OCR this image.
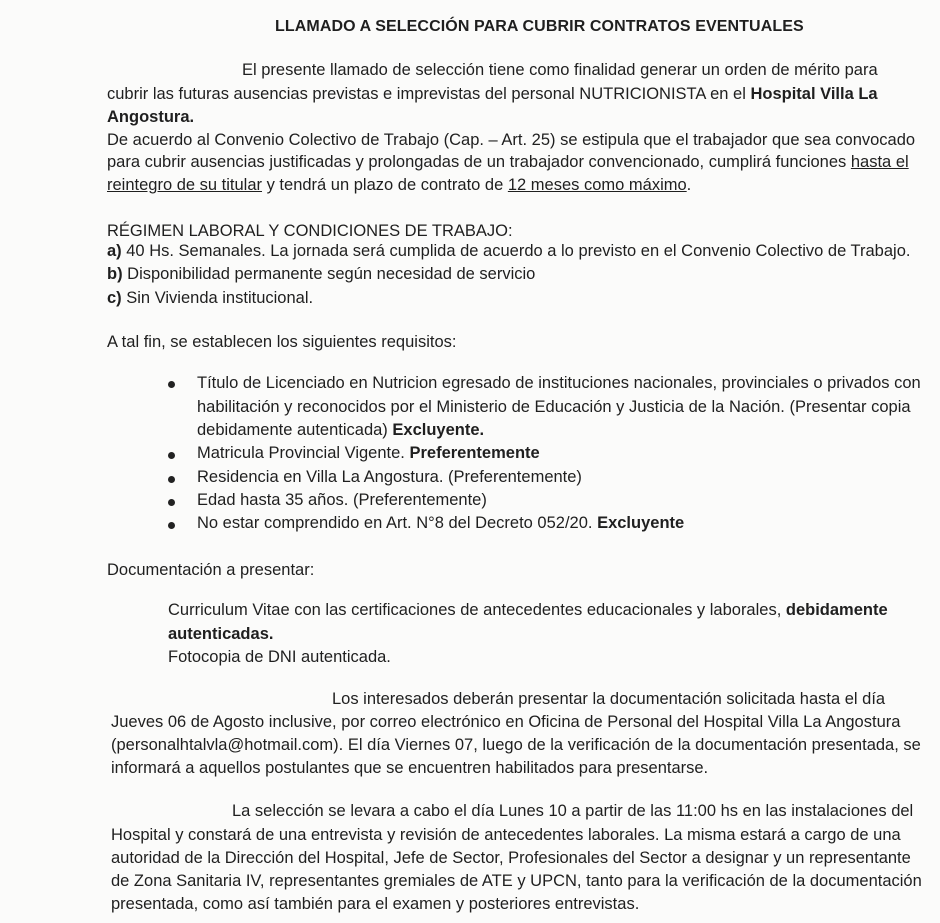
LLAMADO A SELECCIÓN PARA CUBRIR CONTRATOS EVENTUALES
El presente llamado de selección tiene como finalidad generar un orden de mérito para
cubrir las futuras ausencias previstas e imprevistas del personal NUTRICIONISTA en el Hospital Villa La
Angostura.
De acuerdo al Convenio Colectivo de Trabajo (Cap. – Art. 25) se estipula que el trabajador que sea convocado
para cubrir ausencias justificadas y prolongadas de un trabajador convencionado, cumplirá funciones hasta el
reintegro de su titular y tendrá un plazo de contrato de 12 meses como máximo.
RÉGIMEN LABORAL Y CONDICIONES DE TRABAJO:
a) 40 Hs. Semanales. La jornada será cumplida de acuerdo a lo previsto en el Convenio Colectivo de Trabajo.
b) Disponibilidad permanente según necesidad de servicio
c) Sin Vivienda institucional.
A tal fin, se establecen los siguientes requisitos:
Título de Licenciado en Nutricion egresado de instituciones nacionales, provinciales o privados con
habilitación y reconocidos por el Ministerio de Educación y Justicia de la Nación. (Presentar copia
debidamente autenticada) Excluyente.
Matricula Provincial Vigente. Preferentemente
Residencia en Villa La Angostura. (Preferentemente)
Edad hasta 35 años. (Preferentemente)
No estar comprendido en Art. N°8 del Decreto 052/20. Excluyente
Documentación a presentar:
Curriculum Vitae con las certificaciones de antecedentes educacionales y laborales, debidamente
autenticadas.
Fotocopia de DNI autenticada.
Los interesados deberán presentar la documentación solicitada hasta el día
Jueves 06 de Agosto inclusive, por correo electrónico en Oficina de Personal del Hospital Villa La Angostura
(personalhtalvla@hotmail.com). El día Viernes 07, luego de la verificación de la documentación presentada, se
informará a aquellos postulantes que se encuentren habilitados para presentarse.
La selección se levara a cabo el día Lunes 10 a partir de las 11:00 hs en las instalaciones del
Hospital y constará de una entrevista y revisión de antecedentes laborales. La misma estará a cargo de una
autoridad de la Dirección del Hospital, Jefe de Sector, Profesionales del Sector a designar y un representante
de Zona Sanitaria IV, representantes gremiales de ATE y UPCN, tanto para la verificación de la documentación
presentada, como así también para el examen y posteriores entrevistas.
